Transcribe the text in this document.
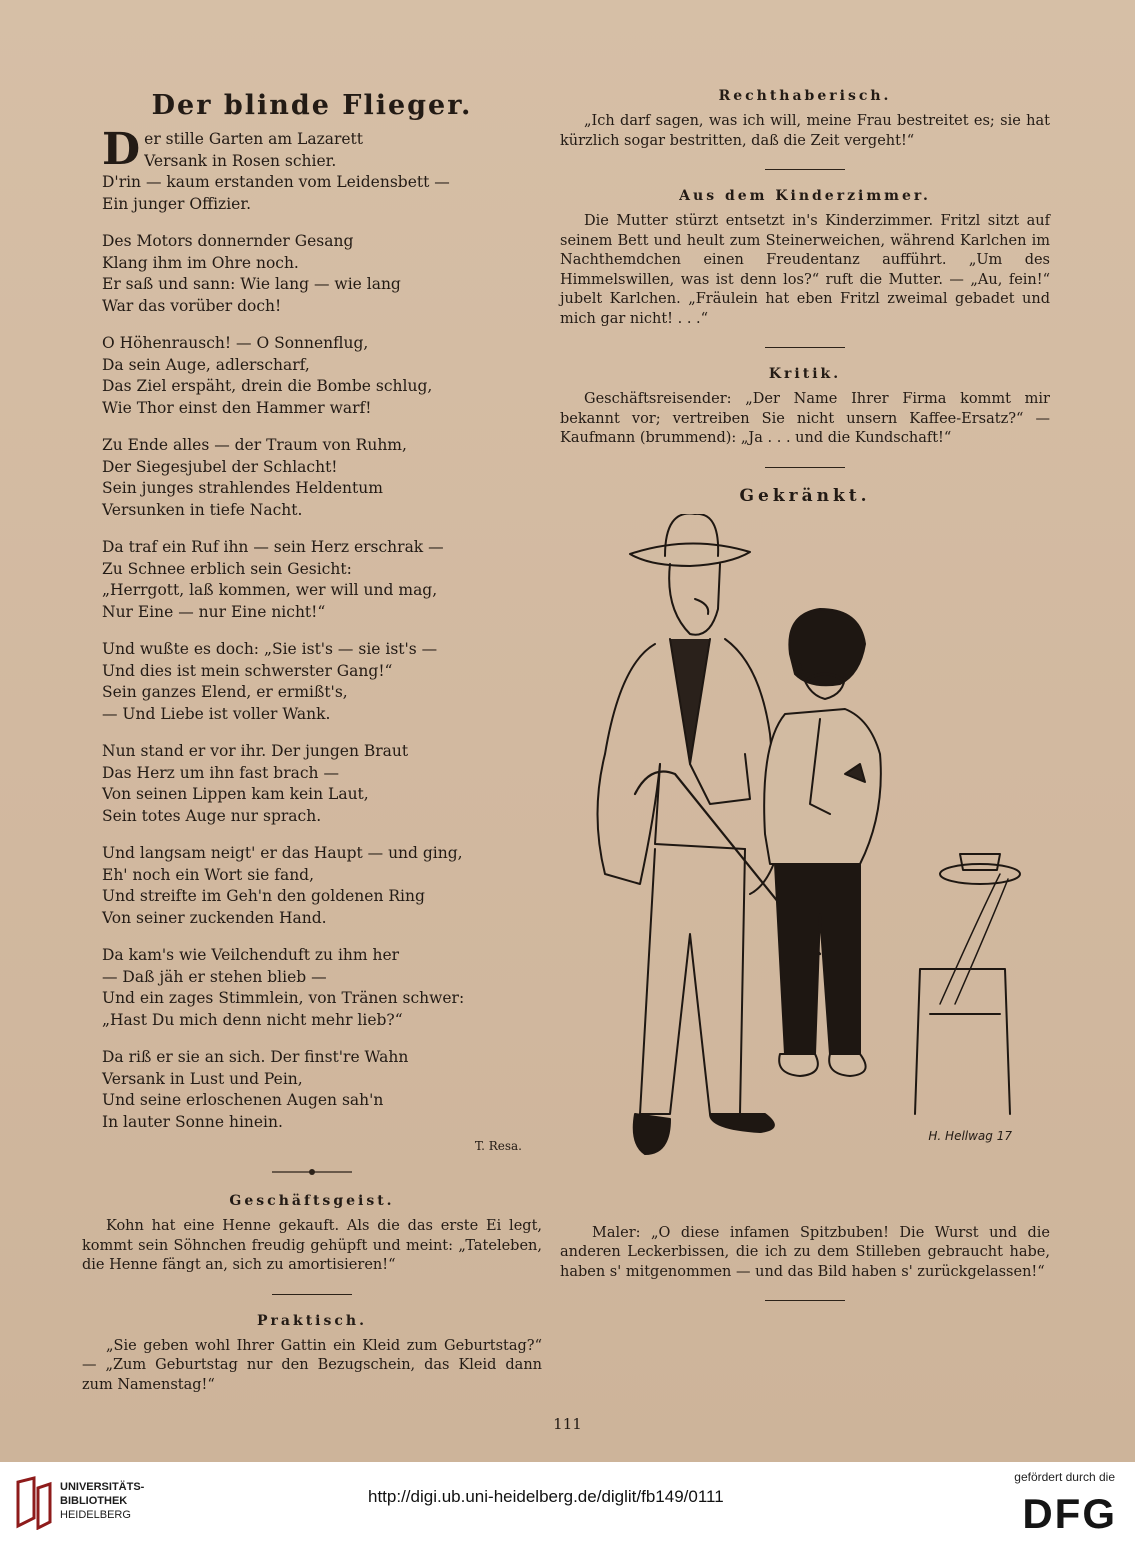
Der blinde Flieger.
D er stille Garten am Lazarett
Versank in Rosen schier.
D'rin — kaum erstanden vom Leidensbett —
Ein junger Offizier.
Des Motors donnernder Gesang
Klang ihm im Ohre noch.
Er saß und sann: Wie lang — wie lang
War das vorüber doch!
O Höhenrausch! — O Sonnenflug,
Da sein Auge, adlerscharf,
Das Ziel erspäht, drein die Bombe schlug,
Wie Thor einst den Hammer warf!
Zu Ende alles — der Traum von Ruhm,
Der Siegesjubel der Schlacht!
Sein junges strahlendes Heldentum
Versunken in tiefe Nacht.
Da traf ein Ruf ihn — sein Herz erschrak —
Zu Schnee erblich sein Gesicht:
„Herrgott, laß kommen, wer will und mag,
Nur Eine — nur Eine nicht!“
Und wußte es doch: „Sie ist's — sie ist's —
Und dies ist mein schwerster Gang!“
Sein ganzes Elend, er ermißt's,
— Und Liebe ist voller Wank.
Nun stand er vor ihr. Der jungen Braut
Das Herz um ihn fast brach —
Von seinen Lippen kam kein Laut,
Sein totes Auge nur sprach.
Und langsam neigt' er das Haupt — und ging,
Eh' noch ein Wort sie fand,
Und streifte im Geh'n den goldenen Ring
Von seiner zuckenden Hand.
Da kam's wie Veilchenduft zu ihm her
— Daß jäh er stehen blieb —
Und ein zages Stimmlein, von Tränen schwer:
„Hast Du mich denn nicht mehr lieb?“
Da riß er sie an sich. Der finst're Wahn
Versank in Lust und Pein,
Und seine erloschenen Augen sah'n
In lauter Sonne hinein.
T. Resa.
Geschäftsgeist.

Kohn hat eine Henne gekauft. Als die das erste Ei legt, kommt sein Söhnchen freudig gehüpft und meint: „Tateleben, die Henne fängt an, sich zu amortisieren!“

Praktisch.

„Sie geben wohl Ihrer Gattin ein Kleid zum Geburtstag?“ — „Zum Geburtstag nur den Bezugschein, das Kleid dann zum Namenstag!“

Rechthaberisch.

„Ich darf sagen, was ich will, meine Frau bestreitet es; sie hat kürzlich sogar bestritten, daß die Zeit vergeht!“

Aus dem Kinderzimmer.

Die Mutter stürzt entsetzt in's Kinderzimmer. Fritzl sitzt auf seinem Bett und heult zum Steinerweichen, während Karlchen im Nachthemdchen einen Freudentanz aufführt. „Um des Himmelswillen, was ist denn los?“ ruft die Mutter. — „Au, fein!“ jubelt Karlchen. „Fräulein hat eben Fritzl zweimal gebadet und mich gar nicht! . . .“

Kritik.

Geschäftsreisender: „Der Name Ihrer Firma kommt mir bekannt vor; vertreiben Sie nicht unsern Kaffee-Ersatz?“ — Kaufmann (brummend): „Ja . . . und die Kundschaft!“

Gekränkt.
H. Hellwag 17

Maler: „O diese infamen Spitzbuben! Die Wurst und die anderen Leckerbissen, die ich zu dem Stilleben gebraucht habe, haben s' mitgenommen — und das Bild haben s' zurückgelassen!“

111
UNIVERSITÄTS-
BIBLIOTHEK
HEIDELBERG
http://digi.ub.uni-heidelberg.de/diglit/fb149/0111
gefördert durch die
DFG
